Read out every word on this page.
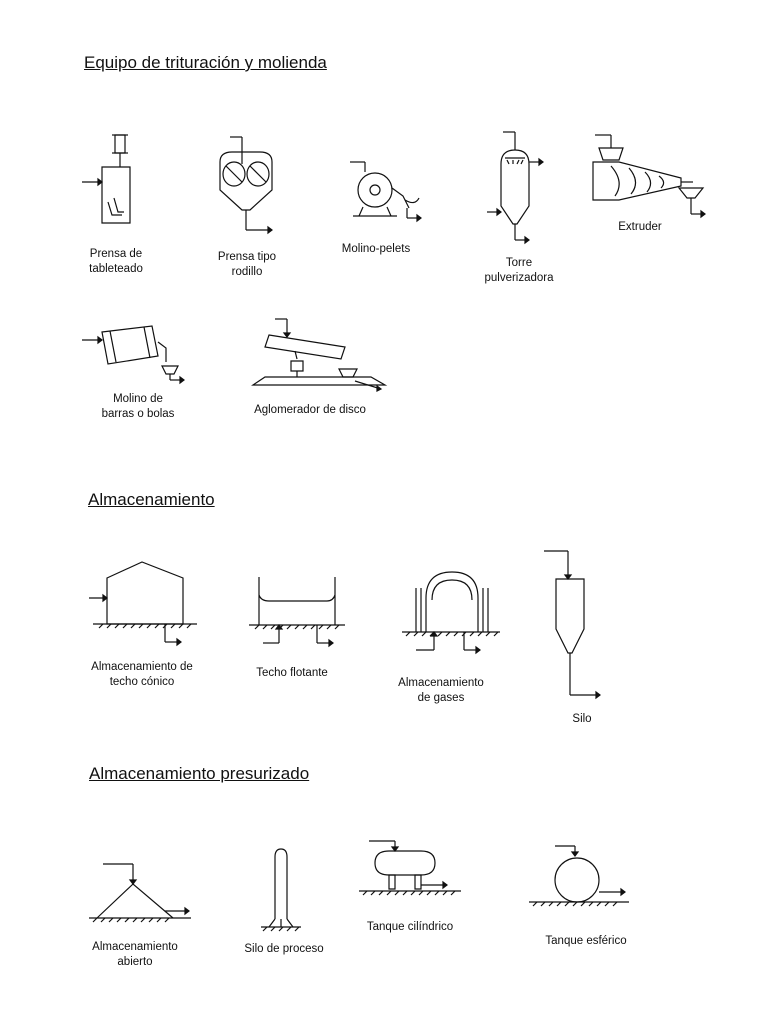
Equipo de trituración y molienda
Prensa de
tableteado
Prensa tipo
rodillo
Molino-pelets
Torre
pulverizadora
Extruder
Molino de
barras o bolas	Aglomerador de disco
Almacenamiento
Almacenamiento de
techo cónico
Techo flotante
Almacenamiento
de gases
Silo
Almacenamiento presurizado
Almacenamiento
abierto
Silo de proceso
Tanque cilíndrico
Tanque esférico
